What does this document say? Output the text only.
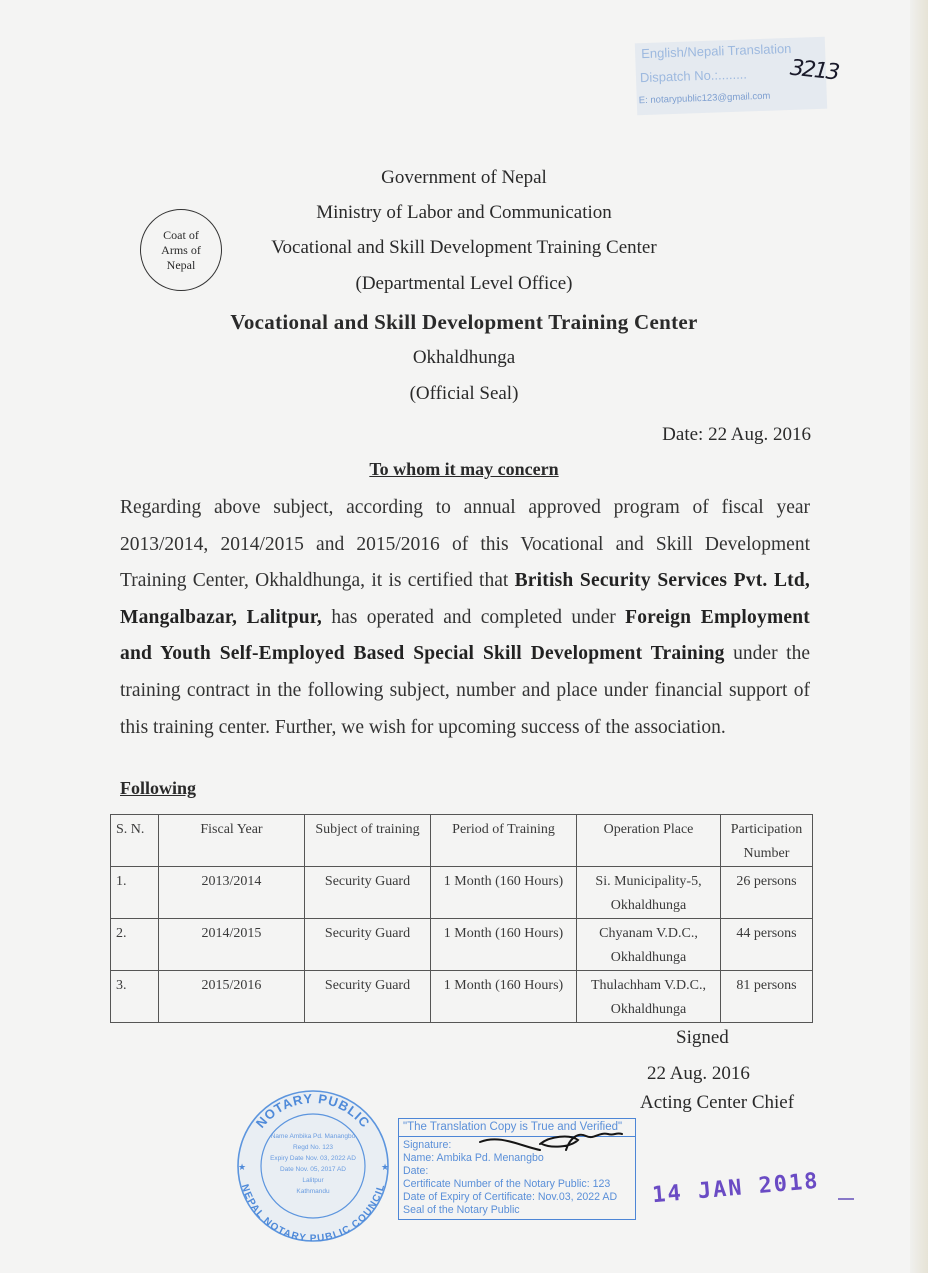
English/Nepali Translation
Dispatch No.:........
E: notarypublic123@gmail.com
3213
Coat of Arms of Nepal
Government of Nepal
Ministry of Labor and Communication
Vocational and Skill Development Training Center
(Departmental Level Office)
Vocational and Skill Development Training Center
Okhaldhunga
(Official Seal)
Date: 22 Aug. 2016
To whom it may concern
Regarding above subject, according to annual approved program of fiscal year 2013/2014, 2014/2015 and 2015/2016 of this Vocational and Skill Development Training Center, Okhaldhunga, it is certified that British Security Services Pvt. Ltd, Mangalbazar, Lalitpur, has operated and completed under Foreign Employment and Youth Self-Employed Based Special Skill Development Training under the training contract in the following subject, number and place under financial support of this training center. Further, we wish for upcoming success of the association.
Following
S. N.	Fiscal Year	Subject of training	Period of Training	Operation Place	Participation Number
1.	2013/2014	Security Guard	1 Month (160 Hours)	Si. Municipality-5, Okhaldhunga	26 persons
2.	2014/2015	Security Guard	1 Month (160 Hours)	Chyanam V.D.C., Okhaldhunga	44 persons
3.	2015/2016	Security Guard	1 Month (160 Hours)	Thulachham V.D.C., Okhaldhunga	81 persons
Signed
22 Aug. 2016
Acting Center Chief
NOTARY PUBLIC
NEPAL NOTARY PUBLIC COUNCIL
Name Ambika Pd. Manangbo
Regd No. 123
Expiry Date Nov. 03, 2022 AD
Date Nov. 05, 2017 AD
Lalitpur
Kathmandu
★	★
"The Translation Copy is True and Verified"
Signature:
Name: Ambika Pd. Menangbo
Date:
Certificate Number of the Notary Public: 123
Date of Expiry of Certificate: Nov.03, 2022 AD
Seal of the Notary Public
14 JAN 2018
